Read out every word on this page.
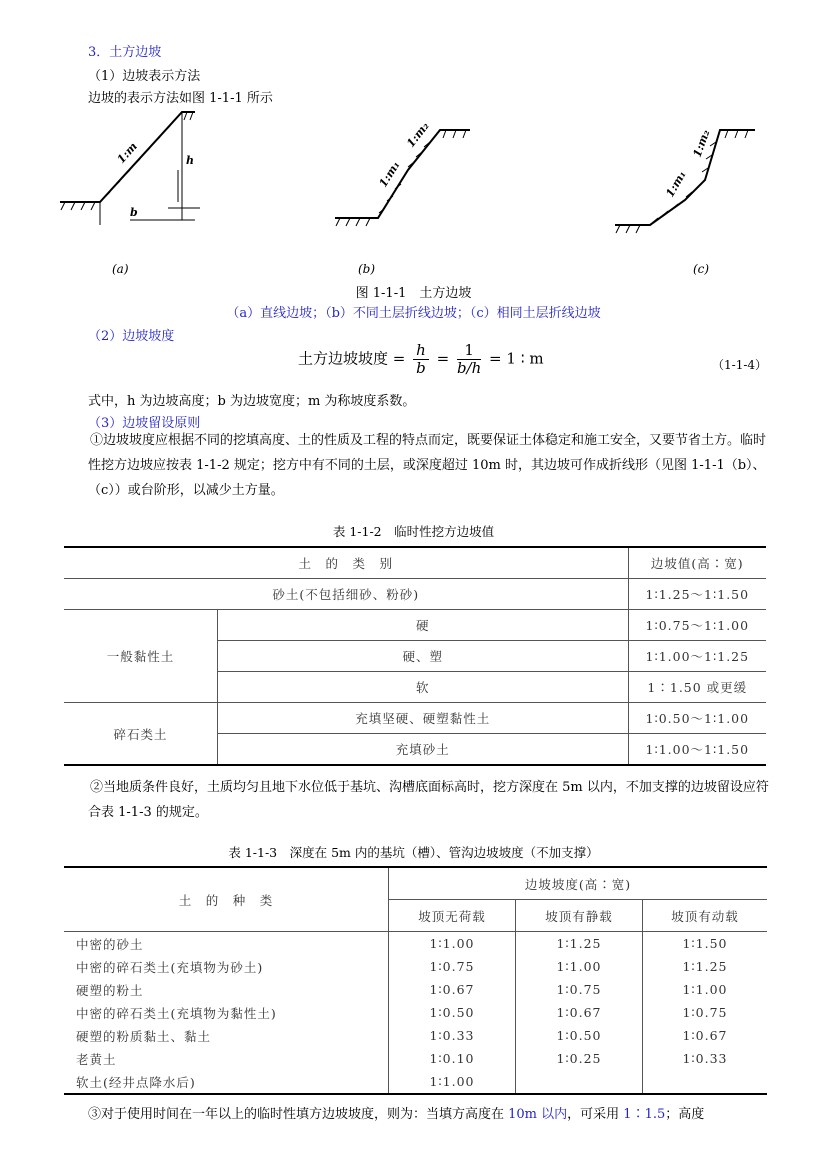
3．土方边坡
（1）边坡表示方法
边坡的表示方法如图 1-1-1 所示
1:m	h
b
1:m₁
1:m₂
1:m₁
1:m₂
(a)	(b)	(c)
图 1-1-1　土方边坡
（a）直线边坡；（b）不同土层折线边坡；（c）相同土层折线边坡
（2）边坡坡度
土方边坡坡度 = $\frac{h}{b} = \frac{1}{b/h} = 1$ ∶ m	（1-1-4）
式中，h 为边坡高度；b 为边坡宽度；m 为称坡度系数。
（3）边坡留设原则
①边坡坡度应根据不同的挖填高度、土的性质及工程的特点而定，既要保证土体稳定和施工安全，又要节省土方。临时性挖方边坡应按表 1-1-2 规定；挖方中有不同的土层，或深度超过 10m 时，其边坡可作成折线形（见图 1-1-1（b）、（c））或台阶形，以减少土方量。
表 1-1-2　临时性挖方边坡值
土　的　类　别		边坡值(高∶宽)
砂土(不包括细砂、粉砂)		1∶1.25～1∶1.50
一般黏性土	硬	1∶0.75～1∶1.00
	硬、塑	1∶1.00～1∶1.25
	软	1∶1.50 或更缓
碎石类土	充填坚硬、硬塑黏性土	1∶0.50～1∶1.00
	充填砂土	1∶1.00～1∶1.50
②当地质条件良好，土质均匀且地下水位低于基坑、沟槽底面标高时，挖方深度在 5m 以内，不加支撑的边坡留设应符合表 1-1-3 的规定。
表 1-1-3　深度在 5m 内的基坑（槽）、管沟边坡坡度（不加支撑）
土　的　种　类	边坡坡度(高∶宽)		
	坡顶无荷载	坡顶有静载	坡顶有动载
中密的砂土	1∶1.00	1∶1.25	1∶1.50
中密的碎石类土(充填物为砂土)	1∶0.75	1∶1.00	1∶1.25
硬塑的粉土	1∶0.67	1∶0.75	1∶1.00
中密的碎石类土(充填物为黏性土)	1∶0.50	1∶0.67	1∶0.75
硬塑的粉质黏土、黏土	1∶0.33	1∶0.50	1∶0.67
老黄土	1∶0.10	1∶0.25	1∶0.33
软土(经井点降水后)	1∶1.00		
③对于使用时间在一年以上的临时性填方边坡坡度，则为：当填方高度在 10m 以内，可采用 1∶1.5；高度
